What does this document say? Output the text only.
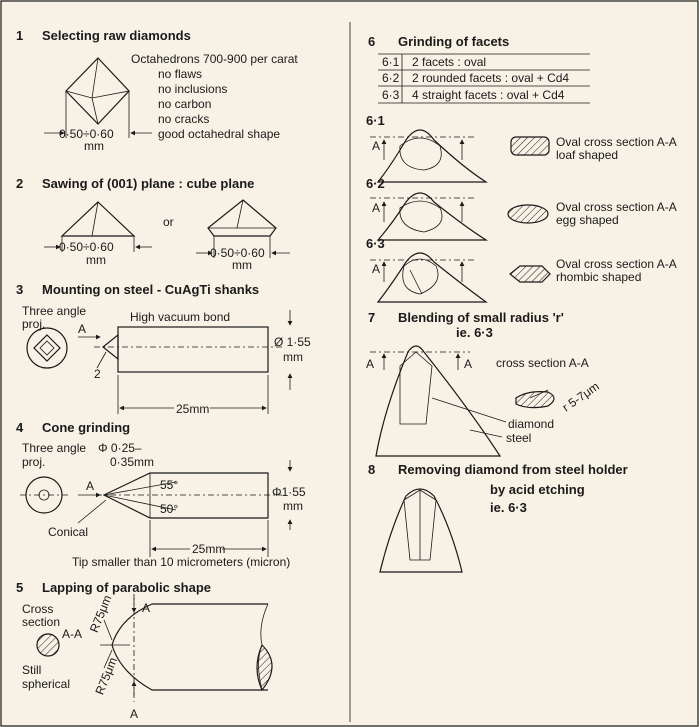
1 Selecting raw diamonds
0·50÷0·60
mm
Octahedrons 700-900 per carat
no flaws
no inclusions
no carbon
no cracks
good octahedral shape
2 Sawing of (001) plane : cube plane
0·50÷0·60
mm
or
0·50÷0·60
mm
3 Mounting on steel - CuAgTi shanks
Three angle
proj.	A
High vacuum bond
2
Ø 1·55
mm
25mm
4 Cone grinding
Three angle
proj.
Φ 0·25–
0·35mm
A	55°
50°
Φ1·55
mm
Conical
25mm
Tip smaller than 10 micrometers (micron)
5 Lapping of parabolic shape
Cross
section
A-A
Still
spherical
A
A
R75μm
R75μm
6 Grinding of facets
6·1 2 facets : oval
6·2 2 rounded facets : oval + Cd4
6·3 4 straight facets : oval + Cd4
6·1
A	Oval cross section A-A
loaf shaped
6·2
A	Oval cross section A-A
egg shaped
6·3
A	Oval cross section A-A
rhombic shaped
7 Blending of small radius 'r'
ie. 6·3
A	A cross section A-A
r 5-7μm
diamond
steel
8 Removing diamond from steel holder
by acid etching
ie. 6·3
